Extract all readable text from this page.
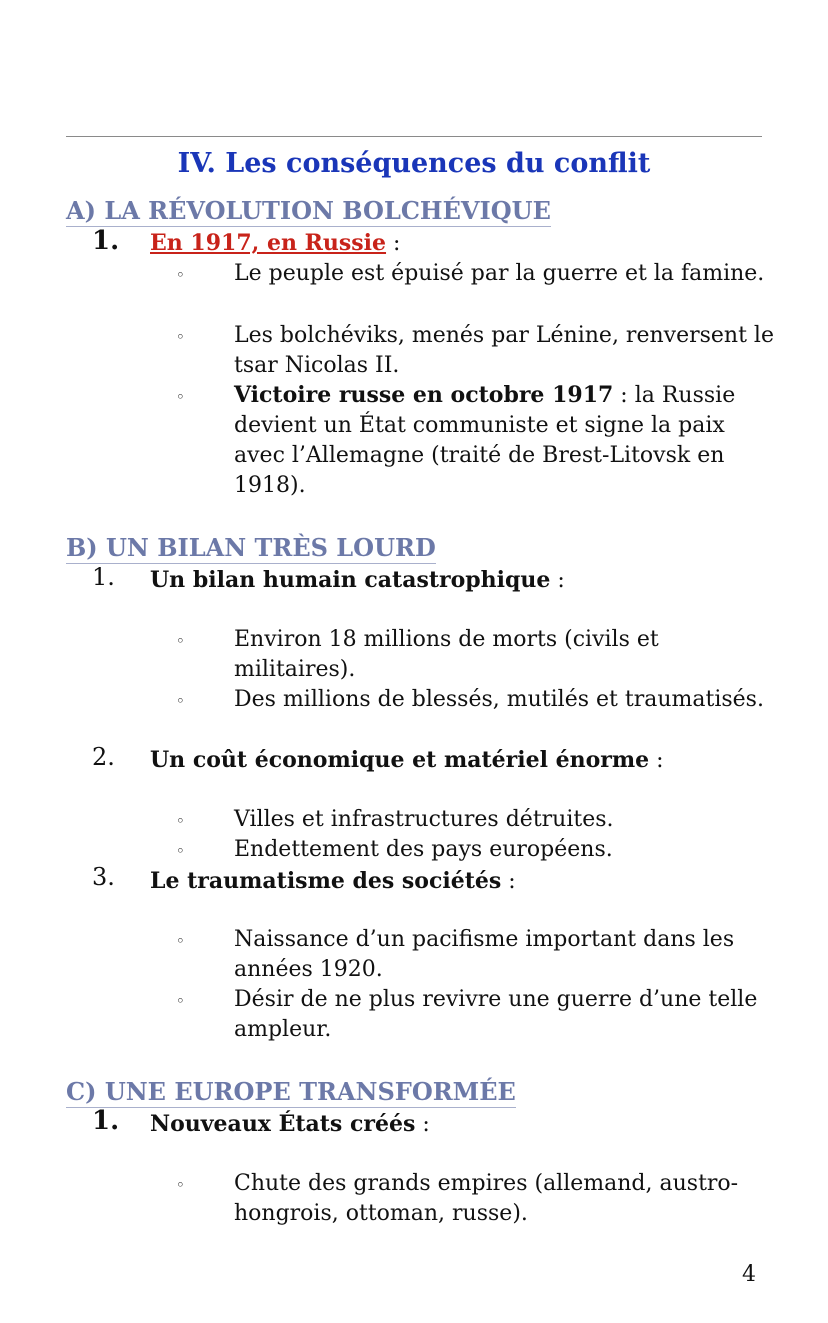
IV. Les conséquences du conflit
A) LA RÉVOLUTION BOLCHÉVIQUE
1. En 1917, en Russie :
◦ Le peuple est épuisé par la guerre et la famine.
◦ Les bolchéviks, menés par Lénine, renversent le tsar Nicolas II.
◦ Victoire russe en octobre 1917 : la Russie devient un État communiste et signe la paix avec l’Allemagne (traité de Brest-Litovsk en 1918).
B) UN BILAN TRÈS LOURD
1. Un bilan humain catastrophique :
◦ Environ 18 millions de morts (civils et militaires).
◦ Des millions de blessés, mutilés et traumatisés.
2. Un coût économique et matériel énorme :
◦ Villes et infrastructures détruites.
◦ Endettement des pays européens.
3. Le traumatisme des sociétés :
◦ Naissance d’un pacifisme important dans les années 1920.
◦ Désir de ne plus revivre une guerre d’une telle ampleur.
C) UNE EUROPE TRANSFORMÉE
1. Nouveaux États créés :
◦ Chute des grands empires (allemand, austro-hongrois, ottoman, russe).
4
